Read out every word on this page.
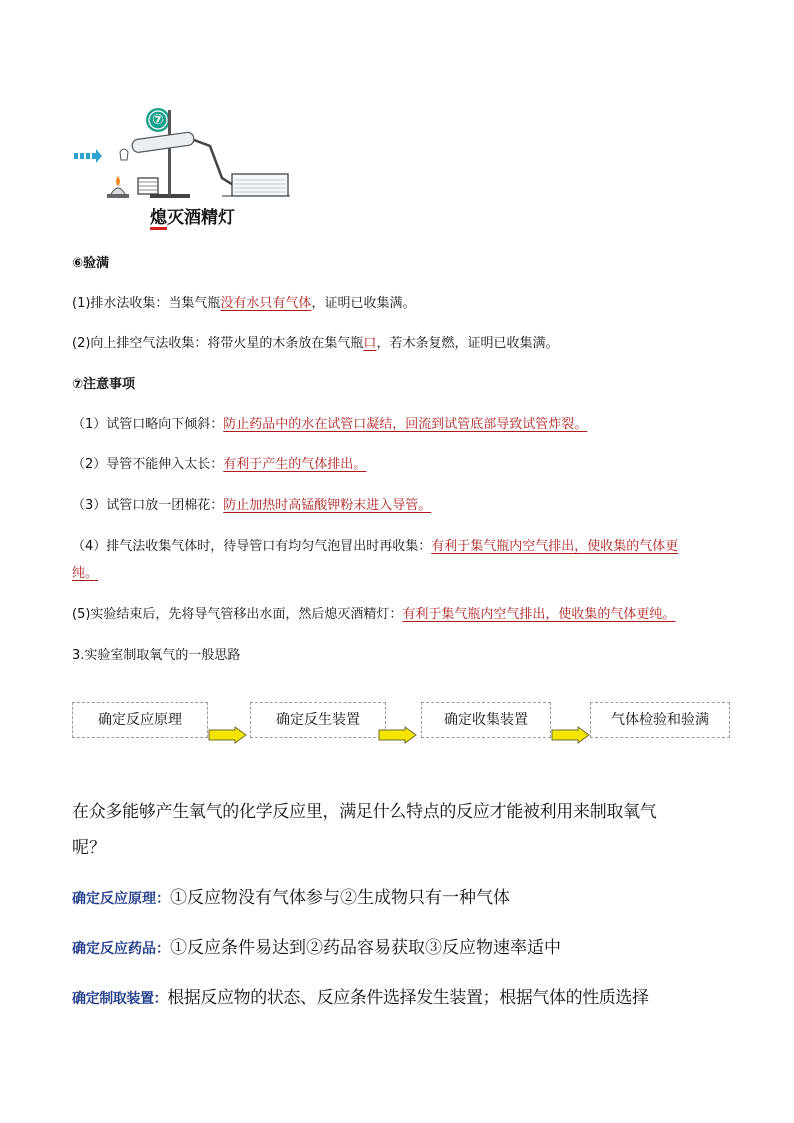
⑦
熄灭酒精灯
⑥验满
(1)排水法收集：当集气瓶没有水只有气体，证明已收集满。
(2)向上排空气法收集：将带火星的木条放在集气瓶口，若木条复燃，证明已收集满。
⑦注意事项
（1）试管口略向下倾斜：防止药品中的水在试管口凝结，回流到试管底部导致试管炸裂。
（2）导管不能伸入太长：有利于产生的气体排出。
（3）试管口放一团棉花：防止加热时高锰酸钾粉末进入导管。
（4）排气法收集气体时，待导管口有均匀气泡冒出时再收集：有利于集气瓶内空气排出，使收集的气体更
纯。
(5)实验结束后，先将导气管移出水面，然后熄灭酒精灯：有利于集气瓶内空气排出，使收集的气体更纯。
3.实验室制取氧气的一般思路
确定反应原理	确定反生装置	确定收集装置	气体检验和验满
在众多能够产生氧气的化学反应里，满足什么特点的反应才能被利用来制取氧气
呢？
确定反应原理：①反应物没有气体参与②生成物只有一种气体
确定反应药品：①反应条件易达到②药品容易获取③反应物速率适中
确定制取装置：根据反应物的状态、反应条件选择发生装置；根据气体的性质选择
